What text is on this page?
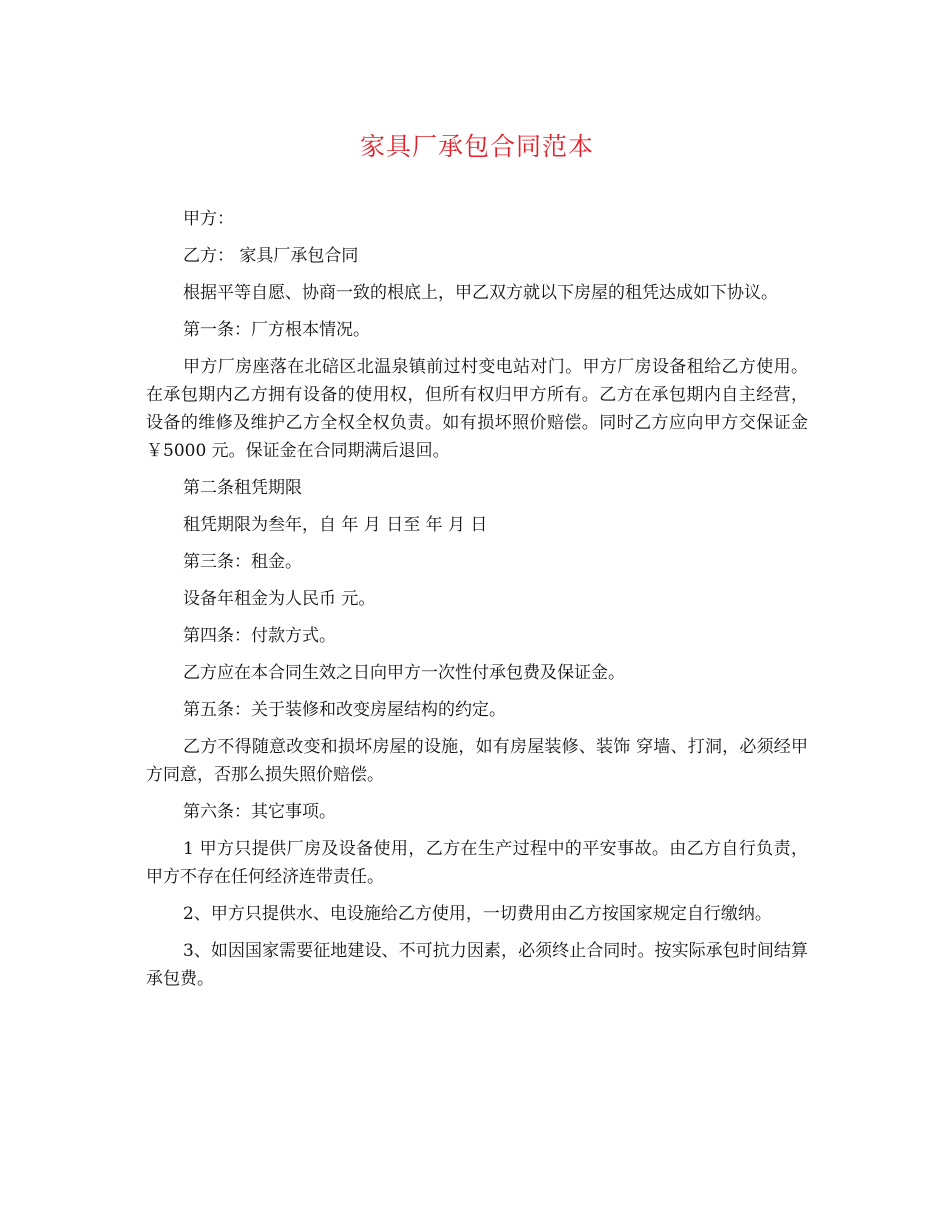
家具厂承包合同范本

甲方：

乙方： 家具厂承包合同

根据平等自愿、协商一致的根底上，甲乙双方就以下房屋的租凭达成如下协议。

第一条：厂方根本情况。

甲方厂房座落在北碚区北温泉镇前过村变电站对门。甲方厂房设备租给乙方使用。在承包期内乙方拥有设备的使用权，但所有权归甲方所有。乙方在承包期内自主经营，设备的维修及维护乙方全权全权负责。如有损坏照价赔偿。同时乙方应向甲方交保证金￥5000 元。保证金在合同期满后退回。

第二条租凭期限

租凭期限为叁年，自 年 月 日至 年 月 日

第三条：租金。

设备年租金为人民币 元。

第四条：付款方式。

乙方应在本合同生效之日向甲方一次性付承包费及保证金。

第五条：关于装修和改变房屋结构的约定。

乙方不得随意改变和损坏房屋的设施，如有房屋装修、装饰 穿墙、打洞，必须经甲方同意，否那么损失照价赔偿。

第六条：其它事项。

1 甲方只提供厂房及设备使用，乙方在生产过程中的平安事故。由乙方自行负责，甲方不存在任何经济连带责任。

2、甲方只提供水、电设施给乙方使用，一切费用由乙方按国家规定自行缴纳。

3、如因国家需要征地建设、不可抗力因素，必须终止合同时。按实际承包时间结算承包费。
